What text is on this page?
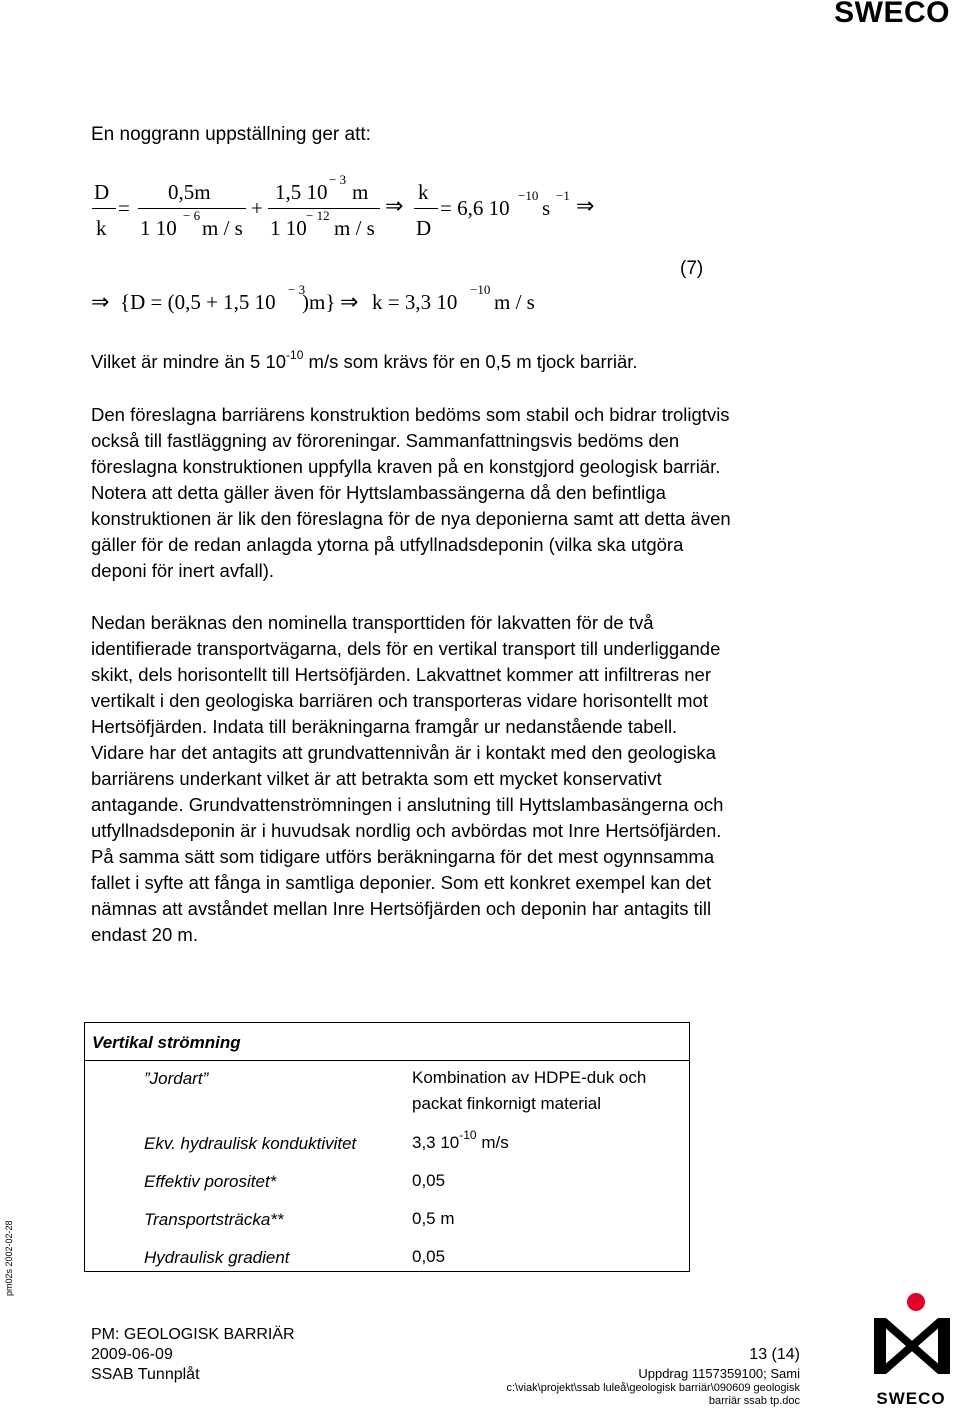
SWECO
En noggrann uppställning ger att:
D
k
=
0,5m
1 10
− 6
m / s
+
1,5 10
− 3
m
1 10
− 12
m / s
⇒
k
D
= 6,6 10
−10
s
−1 ⇒
⇒ {D = (0,5 + 1,5 10
− 3
)m} ⇒ k = 3,3 10
−10
m / s
(7)
Vilket är mindre än 5 $10^{-10}$ m/s som krävs för en 0,5 m tjock barriär.
Den föreslagna barriärens konstruktion bedöms som stabil och bidrar troligtvis
också till fastläggning av föroreningar. Sammanfattningsvis bedöms den
föreslagna konstruktionen uppfylla kraven på en konstgjord geologisk barriär.
Notera att detta gäller även för Hyttslambassängerna då den befintliga
konstruktionen är lik den föreslagna för de nya deponierna samt att detta även
gäller för de redan anlagda ytorna på utfyllnadsdeponin (vilka ska utgöra
deponi för inert avfall).
Nedan beräknas den nominella transporttiden för lakvatten för de två
identifierade transportvägarna, dels för en vertikal transport till underliggande
skikt, dels horisontellt till Hertsöfjärden. Lakvattnet kommer att infiltreras ner
vertikalt i den geologiska barriären och transporteras vidare horisontellt mot
Hertsöfjärden. Indata till beräkningarna framgår ur nedanstående tabell.
Vidare har det antagits att grundvattennivån är i kontakt med den geologiska
barriärens underkant vilket är att betrakta som ett mycket konservativt
antagande. Grundvattenströmningen i anslutning till Hyttslambasängerna och
utfyllnadsdeponin är i huvudsak nordlig och avbördas mot Inre Hertsöfjärden.
På samma sätt som tidigare utförs beräkningarna för det mest ogynnsamma
fallet i syfte att fånga in samtliga deponier. Som ett konkret exempel kan det
nämnas att avståndet mellan Inre Hertsöfjärden och deponin har antagits till
endast 20 m.
Vertikal strömning

”Jordart”	Kombination av HDPE-duk och packat finkornigt material
Ekv. hydraulisk konduktivitet	3,3 $10^{-10}$ m/s
Effektiv porositet*	0,05
Transportsträcka**	0,5 m
Hydraulisk gradient	0,05
pm02s 2002-02-28
PM: GEOLOGISK BARRIÄR
2009-06-09
SSAB Tunnplåt
13 (14)
Uppdrag 1157359100; Sami
c:\viak\projekt\ssab luleå\geologisk barriär\090609 geologisk
barriär ssab tp.doc	SWECO
